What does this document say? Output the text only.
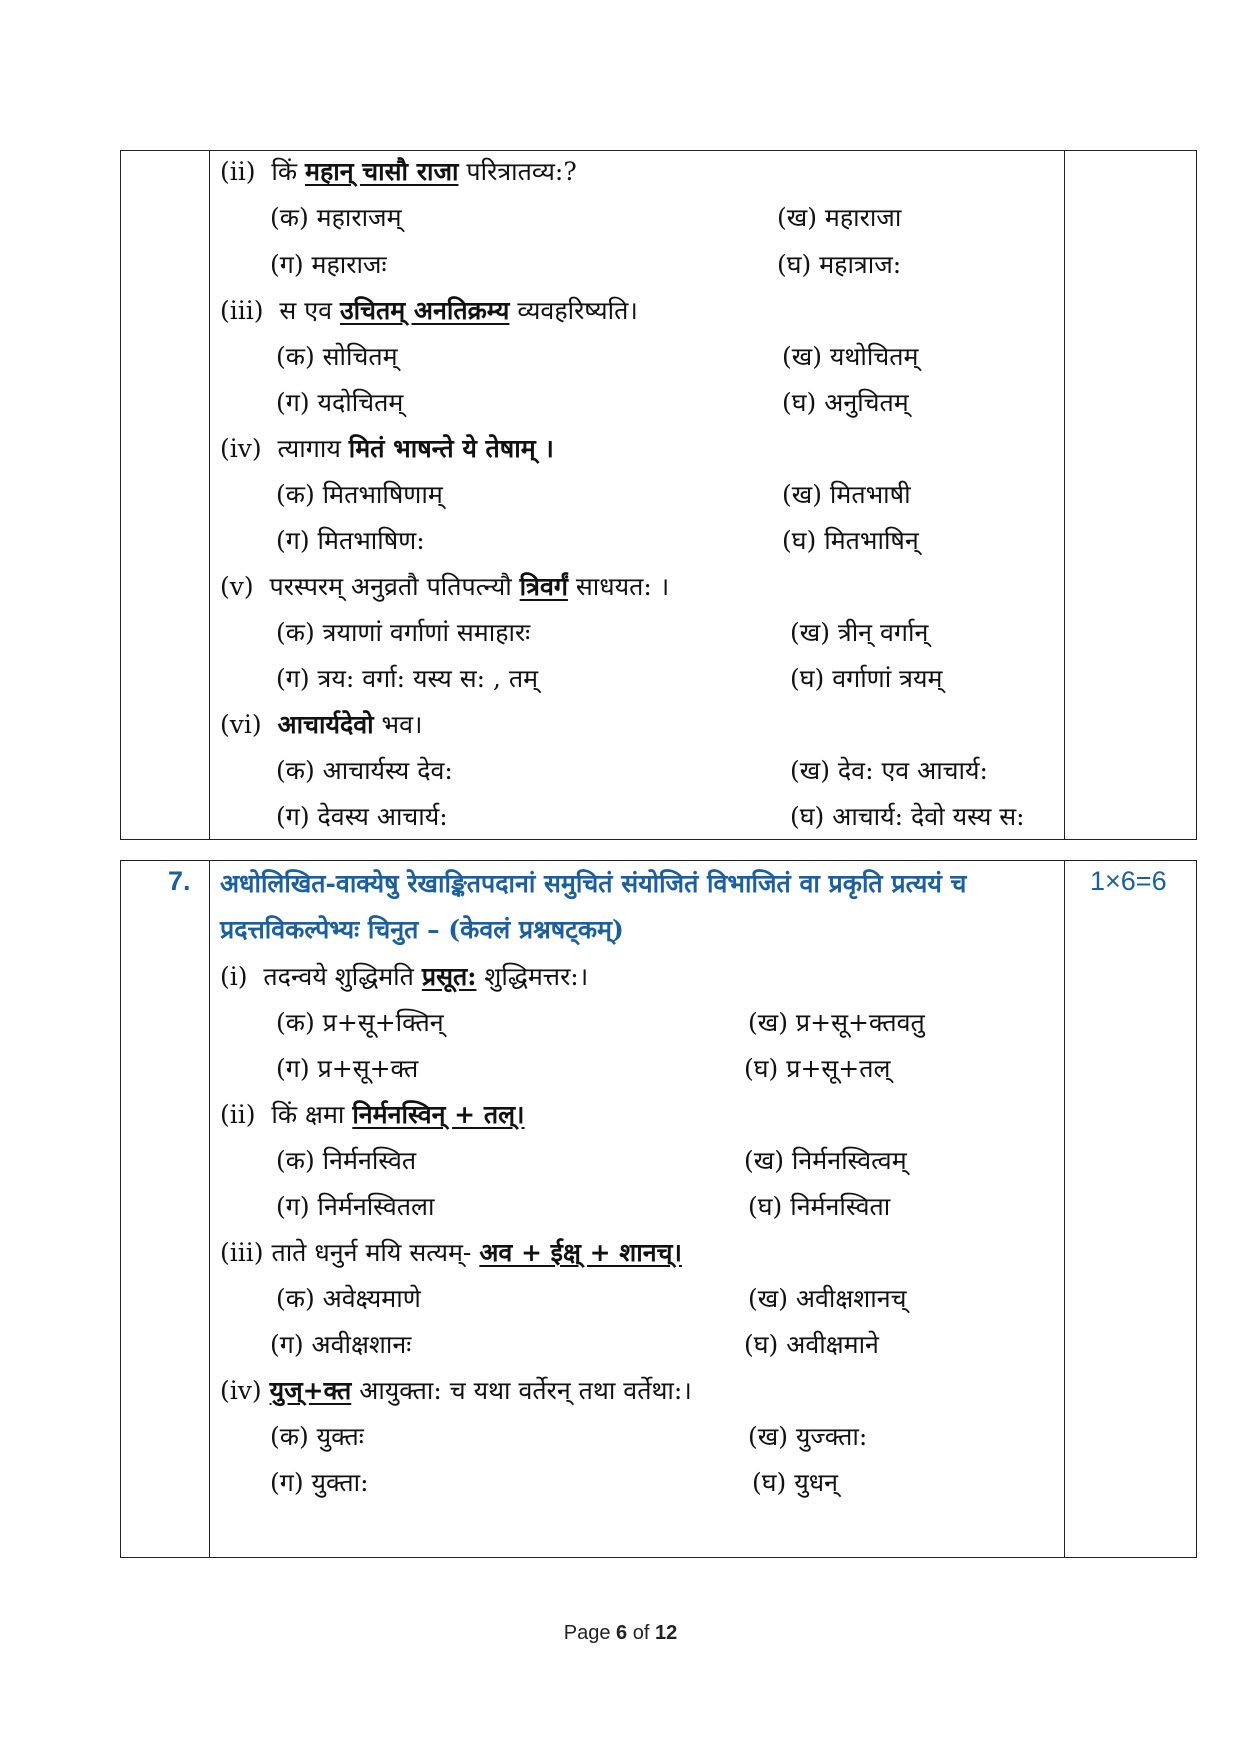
(ii) किं महान् चासौ राजा परित्रातव्य:?
(क) महाराजम्	(ख) महाराजा
(ग) महाराजः	(घ) महात्राज:
(iii) स एव उचितम् अनतिक्रम्य व्यवहरिष्यति।
(क) सोचितम्	(ख) यथोचितम्
(ग) यदोचितम्	(घ) अनुचितम्
(iv) त्यागाय मितं भाषन्ते ये तेषाम् ।
(क) मितभाषिणाम्	(ख) मितभाषी
(ग) मितभाषिण:	(घ) मितभाषिन्
(v) परस्परम् अनुव्रतौ पतिपत्न्यौ त्रिवर्गं साधयत: ।
(क) त्रयाणां वर्गाणां समाहारः	(ख) त्रीन् वर्गान्
(ग) त्रय: वर्गा: यस्य स: , तम्	(घ) वर्गाणां त्रयम्
(vi) आचार्यदेवो भव।
(क) आचार्यस्य देव:	(ख) देव: एव आचार्य:
(ग) देवस्य आचार्य:	(घ) आचार्य: देवो यस्य स:
7.	1×6=6
अधोलिखित-वाक्येषु रेखाङ्कितपदानां समुचितं संयोजितं विभाजितं वा प्रकृति प्रत्ययं च
प्रदत्तविकल्पेभ्यः चिनुत – (केवलं प्रश्नषट्कम्)
(i)  तदन्वये शुद्धिमति प्रसूत: शुद्धिमत्तर:।
(क) प्र+सू+क्तिन्	(ख) प्र+सू+क्तवतु
(ग) प्र+सू+क्त	(घ) प्र+सू+तल्
(ii) किं क्षमा निर्मनस्विन् + तल्।
(क) निर्मनस्वित	(ख) निर्मनस्वित्वम्
(ग) निर्मनस्वितला	(घ) निर्मनस्विता
(iii) ताते धनुर्न मयि सत्यम्- अव + ईक्ष् + शानच्।
(क) अवेक्ष्यमाणे	(ख) अवीक्षशानच्
(ग) अवीक्षशानः	(घ) अवीक्षमाने
(iv) युज्+क्त आयुक्ता: च यथा वर्तेरन् तथा वर्तेथा:।
(क) युक्तः	(ख) युज्क्ता:
(ग) युक्ता:	(घ) युधन्
Page 6 of 12
